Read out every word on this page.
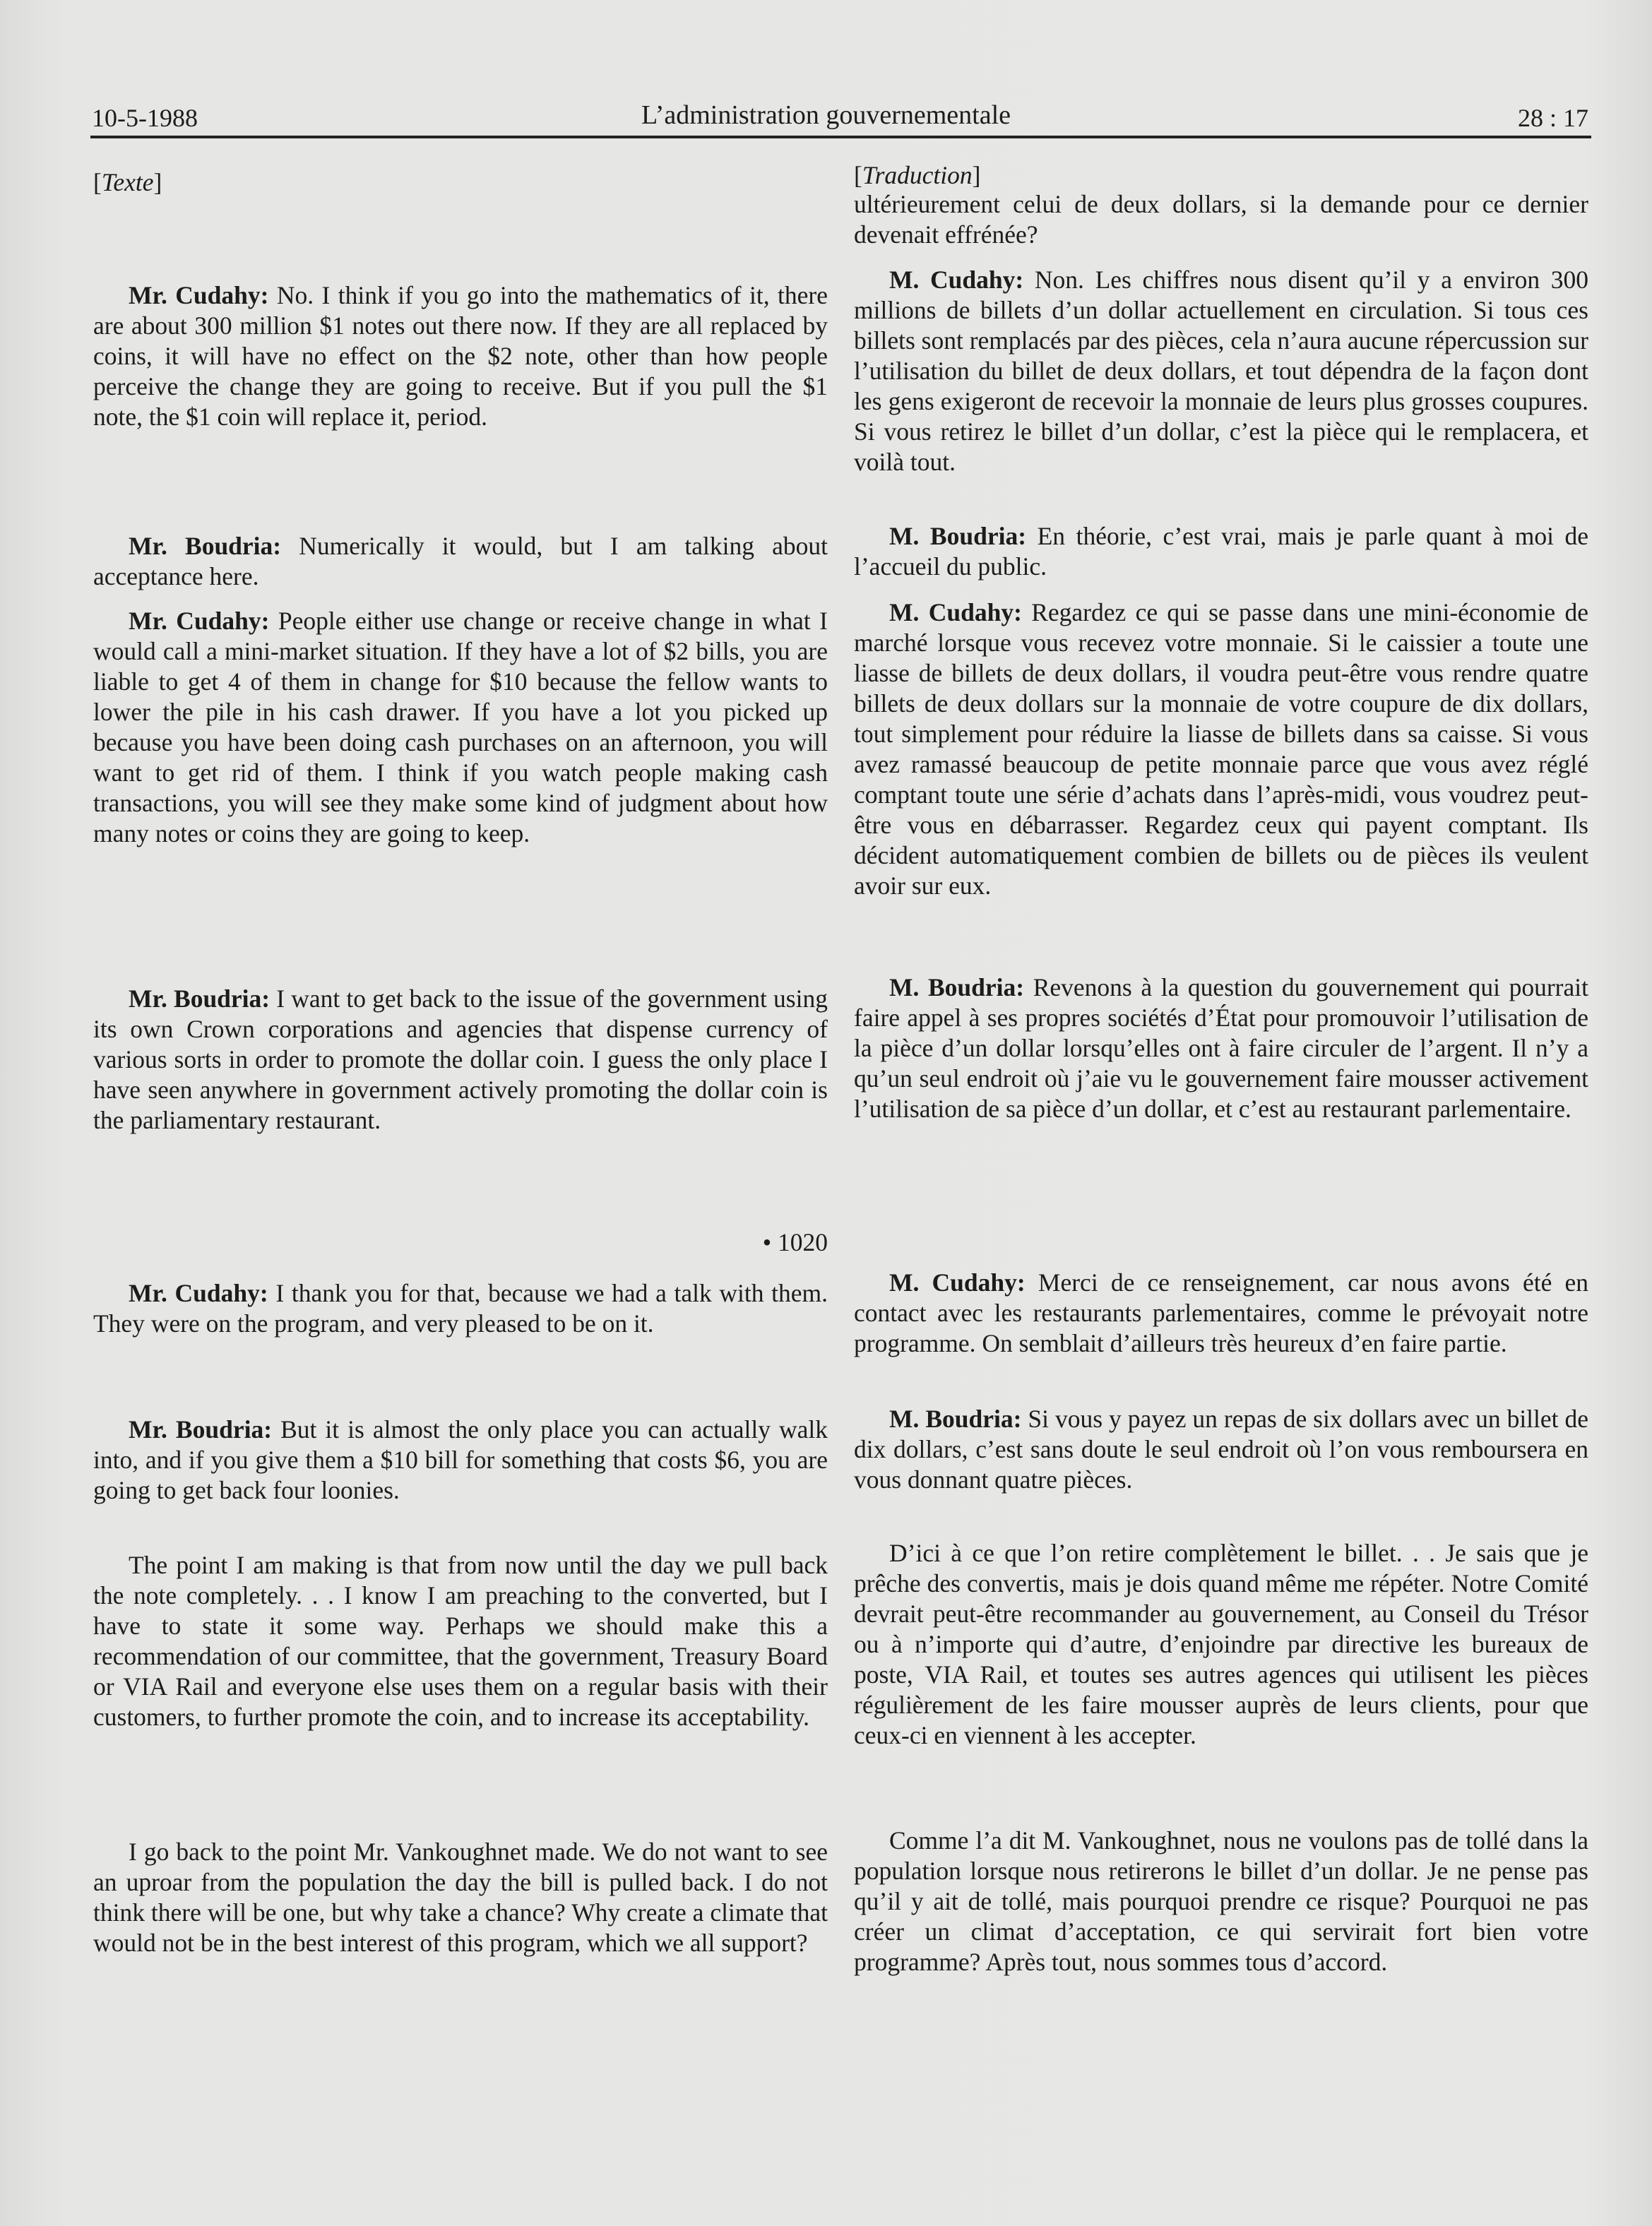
10-5-1988	L’administration gouvernementale	28 : 17

[Texte]

Mr. Cudahy: No. I think if you go into the mathematics of it, there are about 300 million $1 notes out there now. If they are all replaced by coins, it will have no effect on the $2 note, other than how people perceive the change they are going to receive. But if you pull the $1 note, the $1 coin will replace it, period.

Mr. Boudria: Numerically it would, but I am talking about acceptance here.

Mr. Cudahy: People either use change or receive change in what I would call a mini-market situation. If they have a lot of $2 bills, you are liable to get 4 of them in change for $10 because the fellow wants to lower the pile in his cash drawer. If you have a lot you picked up because you have been doing cash purchases on an afternoon, you will want to get rid of them. I think if you watch people making cash transactions, you will see they make some kind of judgment about how many notes or coins they are going to keep.

Mr. Boudria: I want to get back to the issue of the government using its own Crown corporations and agencies that dispense currency of various sorts in order to promote the dollar coin. I guess the only place I have seen anywhere in government actively promoting the dollar coin is the parliamentary restaurant.

• 1020

Mr. Cudahy: I thank you for that, because we had a talk with them. They were on the program, and very pleased to be on it.

Mr. Boudria: But it is almost the only place you can actually walk into, and if you give them a $10 bill for something that costs $6, you are going to get back four loonies.

The point I am making is that from now until the day we pull back the note completely. . . I know I am preaching to the converted, but I have to state it some way. Perhaps we should make this a recommendation of our committee, that the government, Treasury Board or VIA Rail and everyone else uses them on a regular basis with their customers, to further promote the coin, and to increase its acceptability.

I go back to the point Mr. Vankoughnet made. We do not want to see an uproar from the population the day the bill is pulled back. I do not think there will be one, but why take a chance? Why create a climate that would not be in the best interest of this program, which we all support?

[Traduction]

ultérieurement celui de deux dollars, si la demande pour ce dernier devenait effrénée?

M. Cudahy: Non. Les chiffres nous disent qu’il y a environ 300 millions de billets d’un dollar actuellement en circulation. Si tous ces billets sont remplacés par des pièces, cela n’aura aucune répercussion sur l’utilisation du billet de deux dollars, et tout dépendra de la façon dont les gens exigeront de recevoir la monnaie de leurs plus grosses coupures. Si vous retirez le billet d’un dollar, c’est la pièce qui le remplacera, et voilà tout.

M. Boudria: En théorie, c’est vrai, mais je parle quant à moi de l’accueil du public.

M. Cudahy: Regardez ce qui se passe dans une mini-économie de marché lorsque vous recevez votre monnaie. Si le caissier a toute une liasse de billets de deux dollars, il voudra peut-être vous rendre quatre billets de deux dollars sur la monnaie de votre coupure de dix dollars, tout simplement pour réduire la liasse de billets dans sa caisse. Si vous avez ramassé beaucoup de petite monnaie parce que vous avez réglé comptant toute une série d’achats dans l’après-midi, vous voudrez peut-être vous en débarrasser. Regardez ceux qui payent comptant. Ils décident automatiquement combien de billets ou de pièces ils veulent avoir sur eux.

M. Boudria: Revenons à la question du gouvernement qui pourrait faire appel à ses propres sociétés d’État pour promouvoir l’utilisation de la pièce d’un dollar lorsqu’elles ont à faire circuler de l’argent. Il n’y a qu’un seul endroit où j’aie vu le gouvernement faire mousser activement l’utilisation de sa pièce d’un dollar, et c’est au restaurant parlementaire.

M. Cudahy: Merci de ce renseignement, car nous avons été en contact avec les restaurants parlementaires, comme le prévoyait notre programme. On semblait d’ailleurs très heureux d’en faire partie.

M. Boudria: Si vous y payez un repas de six dollars avec un billet de dix dollars, c’est sans doute le seul endroit où l’on vous remboursera en vous donnant quatre pièces.

D’ici à ce que l’on retire complètement le billet. . . Je sais que je prêche des convertis, mais je dois quand même me répéter. Notre Comité devrait peut-être recommander au gouvernement, au Conseil du Trésor ou à n’importe qui d’autre, d’enjoindre par directive les bureaux de poste, VIA Rail, et toutes ses autres agences qui utilisent les pièces régulièrement de les faire mousser auprès de leurs clients, pour que ceux-ci en viennent à les accepter.

Comme l’a dit M. Vankoughnet, nous ne voulons pas de tollé dans la population lorsque nous retirerons le billet d’un dollar. Je ne pense pas qu’il y ait de tollé, mais pourquoi prendre ce risque? Pourquoi ne pas créer un climat d’acceptation, ce qui servirait fort bien votre programme? Après tout, nous sommes tous d’accord.
